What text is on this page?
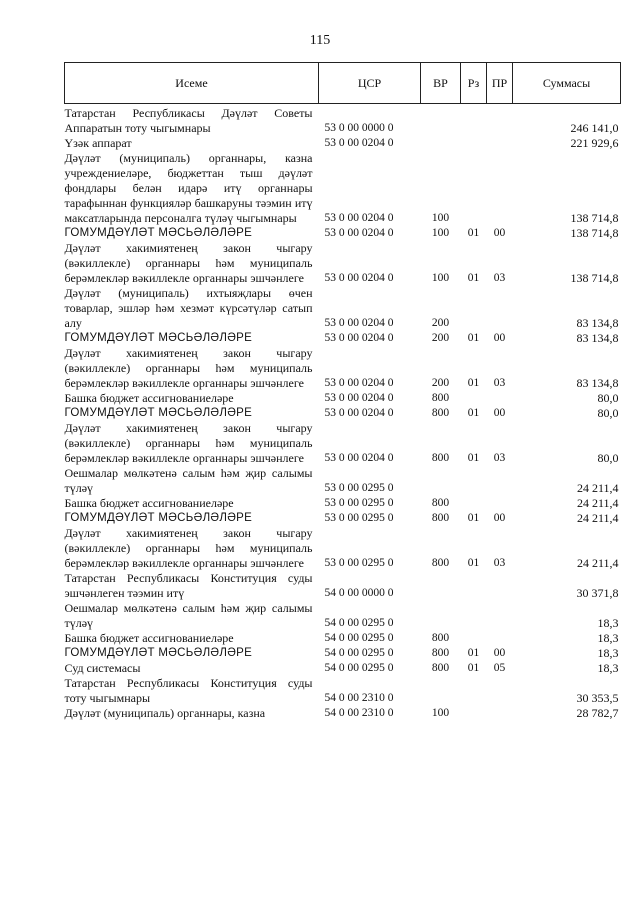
115
Исеме	ЦСР	ВР	Рз	ПР	Суммасы
Татарстан Республикасы Дәүләт Советы Аппаратын тоту чыгымнары	53 0 00 0000 0				246 141,0
Үзәк аппарат	53 0 00 0204 0				221 929,6
Дәүләт (муниципаль) органнары, казна учреждениеләре, бюджеттан тыш дәүләт фондлары белән идарә итү органнары тарафыннан функцияләр башкаруны тәэмин итү максатларында персоналга түләү чыгымнары	53 0 00 0204 0	100			138 714,8
ГОМУМДӘҮЛӘТ МӘСЬӘЛӘЛӘРЕ	53 0 00 0204 0	100	01	00	138 714,8
Дәүләт хакимиятенең закон чыгару (вәкиллекле) органнары һәм муниципаль берәмлекләр вәкиллекле органнары эшчәнлеге	53 0 00 0204 0	100	01	03	138 714,8
Дәүләт (муниципаль) ихтыяҗлары өчен товарлар, эшләр һәм хезмәт күрсәтүләр сатып алу	53 0 00 0204 0	200			83 134,8
ГОМУМДӘҮЛӘТ МӘСЬӘЛӘЛӘРЕ	53 0 00 0204 0	200	01	00	83 134,8
Дәүләт хакимиятенең закон чыгару (вәкиллекле) органнары һәм муниципаль берәмлекләр вәкиллекле органнары эшчәнлеге	53 0 00 0204 0	200	01	03	83 134,8
Башка бюджет ассигнованиеләре	53 0 00 0204 0	800			80,0
ГОМУМДӘҮЛӘТ МӘСЬӘЛӘЛӘРЕ	53 0 00 0204 0	800	01	00	80,0
Дәүләт хакимиятенең закон чыгару (вәкиллекле) органнары һәм муниципаль берәмлекләр вәкиллекле органнары эшчәнлеге	53 0 00 0204 0	800	01	03	80,0
Оешмалар мөлкәтенә салым һәм җир салымы түләү	53 0 00 0295 0				24 211,4
Башка бюджет ассигнованиеләре	53 0 00 0295 0	800			24 211,4
ГОМУМДӘҮЛӘТ МӘСЬӘЛӘЛӘРЕ	53 0 00 0295 0	800	01	00	24 211,4
Дәүләт хакимиятенең закон чыгару (вәкиллекле) органнары һәм муниципаль берәмлекләр вәкиллекле органнары эшчәнлеге	53 0 00 0295 0	800	01	03	24 211,4
Татарстан Республикасы Конституция суды эшчәнлеген тәэмин итү	54 0 00 0000 0				30 371,8
Оешмалар мөлкәтенә салым һәм җир салымы түләү	54 0 00 0295 0				18,3
Башка бюджет ассигнованиеләре	54 0 00 0295 0	800			18,3
ГОМУМДӘҮЛӘТ МӘСЬӘЛӘЛӘРЕ	54 0 00 0295 0	800	01	00	18,3
Суд системасы	54 0 00 0295 0	800	01	05	18,3
Татарстан Республикасы Конституция суды тоту чыгымнары	54 0 00 2310 0				30 353,5
Дәүләт (муниципаль) органнары, казна	54 0 00 2310 0	100			28 782,7
